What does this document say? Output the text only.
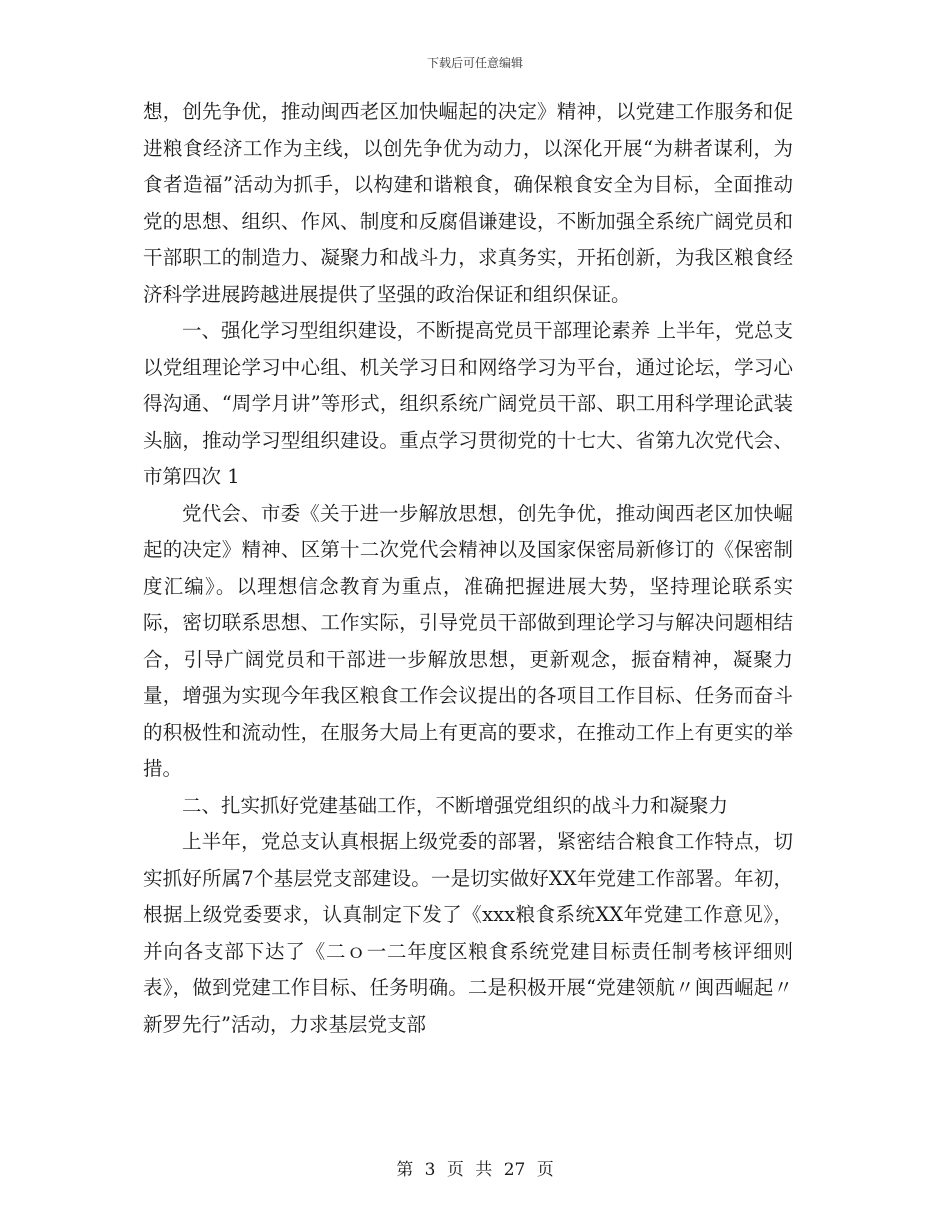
下载后可任意编辑

想，创先争优，推动闽西老区加快崛起的决定》精神，以党建工作服务和促进粮食经济工作为主线，以创先争优为动力，以深化开展“为耕者谋利，为食者造福”活动为抓手，以构建和谐粮食，确保粮食安全为目标，全面推动党的思想、组织、作风、制度和反腐倡谦建设，不断加强全系统广阔党员和干部职工的制造力、凝聚力和战斗力，求真务实，开拓创新，为我区粮食经济科学进展跨越进展提供了坚强的政治保证和组织保证。

一、强化学习型组织建设，不断提高党员干部理论素养 上半年，党总支以党组理论学习中心组、机关学习日和网络学习为平台，通过论坛，学习心得沟通、“周学月讲”等形式，组织系统广阔党员干部、职工用科学理论武装头脑，推动学习型组织建设。重点学习贯彻党的十七大、省第九次党代会、市第四次 1

党代会、市委《关于进一步解放思想，创先争优，推动闽西老区加快崛起的决定》精神、区第十二次党代会精神以及国家保密局新修订的《保密制度汇编》。以理想信念教育为重点，准确把握进展大势，坚持理论联系实际，密切联系思想、工作实际，引导党员干部做到理论学习与解决问题相结合，引导广阔党员和干部进一步解放思想，更新观念，振奋精神，凝聚力量，增强为实现今年我区粮食工作会议提出的各项目工作目标、任务而奋斗的积极性和流动性，在服务大局上有更高的要求，在推动工作上有更实的举措。

二、扎实抓好党建基础工作，不断增强党组织的战斗力和凝聚力

上半年，党总支认真根据上级党委的部署，紧密结合粮食工作特点，切实抓好所属7个基层党支部建设。一是切实做好XX年党建工作部署。年初，根据上级党委要求，认真制定下发了《xxx粮食系统XX年党建工作意见》，并向各支部下达了《二ｏ一二年度区粮食系统党建目标责任制考核评细则表》，做到党建工作目标、任务明确。二是积极开展“党建领航〃闽西崛起〃新罗先行”活动，力求基层党支部

第 3 页 共 27 页
